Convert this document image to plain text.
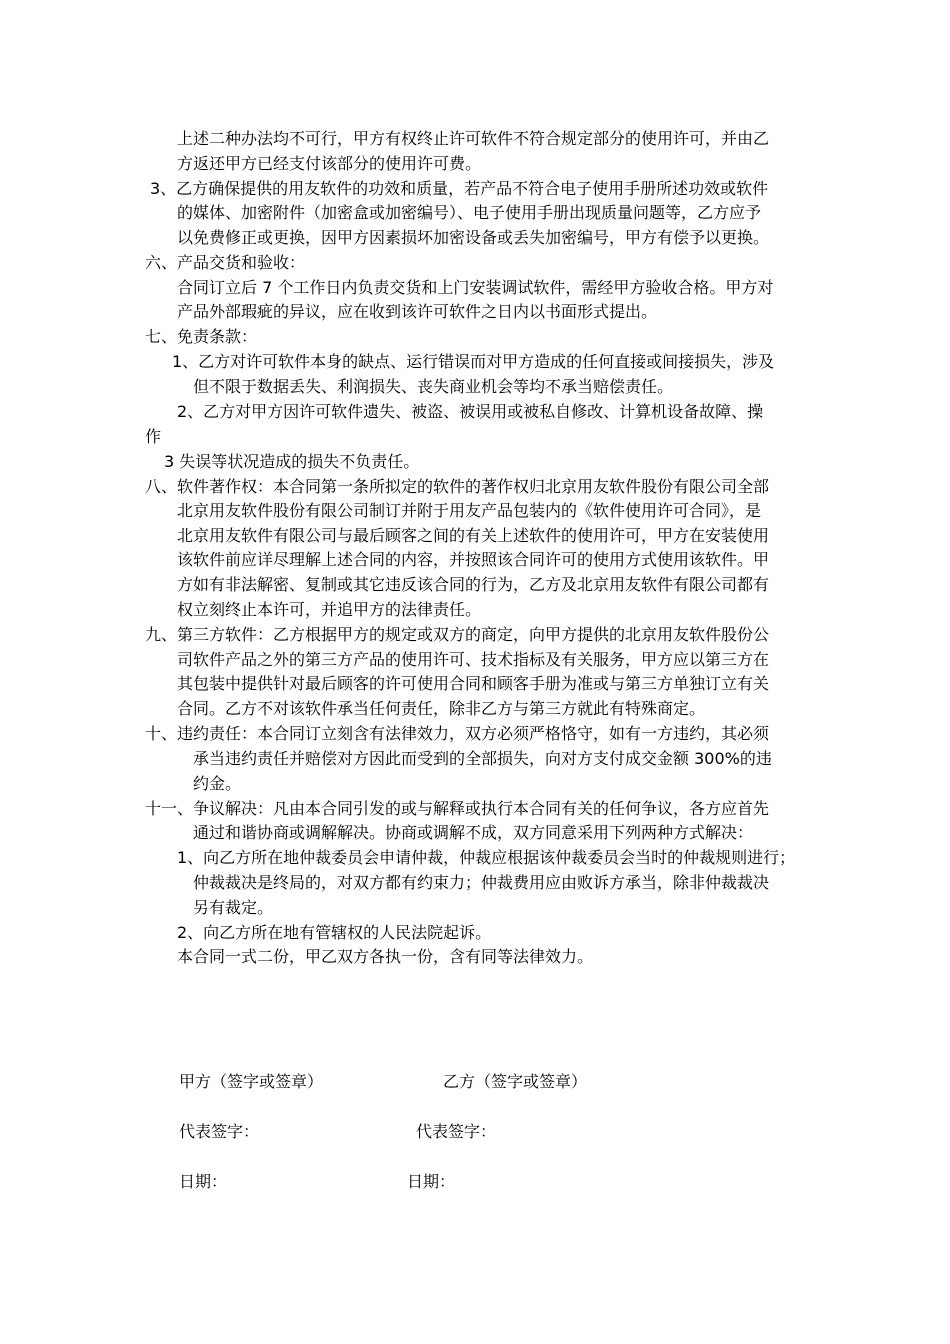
上述二种办法均不可行，甲方有权终止许可软件不符合规定部分的使用许可，并由乙
方返还甲方已经支付该部分的使用许可费。
3、乙方确保提供的用友软件的功效和质量，若产品不符合电子使用手册所述功效或软件
的媒体、加密附件（加密盒或加密编号）、电子使用手册出现质量问题等，乙方应予
以免费修正或更换，因甲方因素损坏加密设备或丢失加密编号，甲方有偿予以更换。
六、产品交货和验收：
合同订立后 7 个工作日内负责交货和上门安装调试软件，需经甲方验收合格。甲方对
产品外部瑕疵的异议，应在收到该许可软件之日内以书面形式提出。
七、免责条款：
1、乙方对许可软件本身的缺点、运行错误而对甲方造成的任何直接或间接损失，涉及
但不限于数据丢失、利润损失、丧失商业机会等均不承当赔偿责任。
2、乙方对甲方因许可软件遗失、被盗、被误用或被私自修改、计算机设备故障、操
作
3 失误等状况造成的损失不负责任。
八、软件著作权：本合同第一条所拟定的软件的著作权归北京用友软件股份有限公司全部
北京用友软件股份有限公司制订并附于用友产品包装内的《软件使用许可合同》，是
北京用友软件有限公司与最后顾客之间的有关上述软件的使用许可，甲方在安装使用
该软件前应详尽理解上述合同的内容，并按照该合同许可的使用方式使用该软件。甲
方如有非法解密、复制或其它违反该合同的行为，乙方及北京用友软件有限公司都有
权立刻终止本许可，并追甲方的法律责任。
九、第三方软件：乙方根据甲方的规定或双方的商定，向甲方提供的北京用友软件股份公
司软件产品之外的第三方产品的使用许可、技术指标及有关服务，甲方应以第三方在
其包装中提供针对最后顾客的许可使用合同和顾客手册为准或与第三方单独订立有关
合同。乙方不对该软件承当任何责任，除非乙方与第三方就此有特殊商定。
十、违约责任：本合同订立刻含有法律效力，双方必须严格恪守，如有一方违约，其必须
承当违约责任并赔偿对方因此而受到的全部损失，向对方支付成交金额 300%的违
约金。
十一、争议解决：凡由本合同引发的或与解释或执行本合同有关的任何争议，各方应首先
通过和谐协商或调解解决。协商或调解不成，双方同意采用下列两种方式解决：
1、向乙方所在地仲裁委员会申请仲裁，仲裁应根据该仲裁委员会当时的仲裁规则进行；
仲裁裁决是终局的，对双方都有约束力；仲裁费用应由败诉方承当，除非仲裁裁决
另有裁定。
2、向乙方所在地有管辖权的人民法院起诉。
本合同一式二份，甲乙双方各执一份，含有同等法律效力。
甲方（签字或签章）	乙方（签字或签章）
代表签字：	代表签字：
日期：	日期：
